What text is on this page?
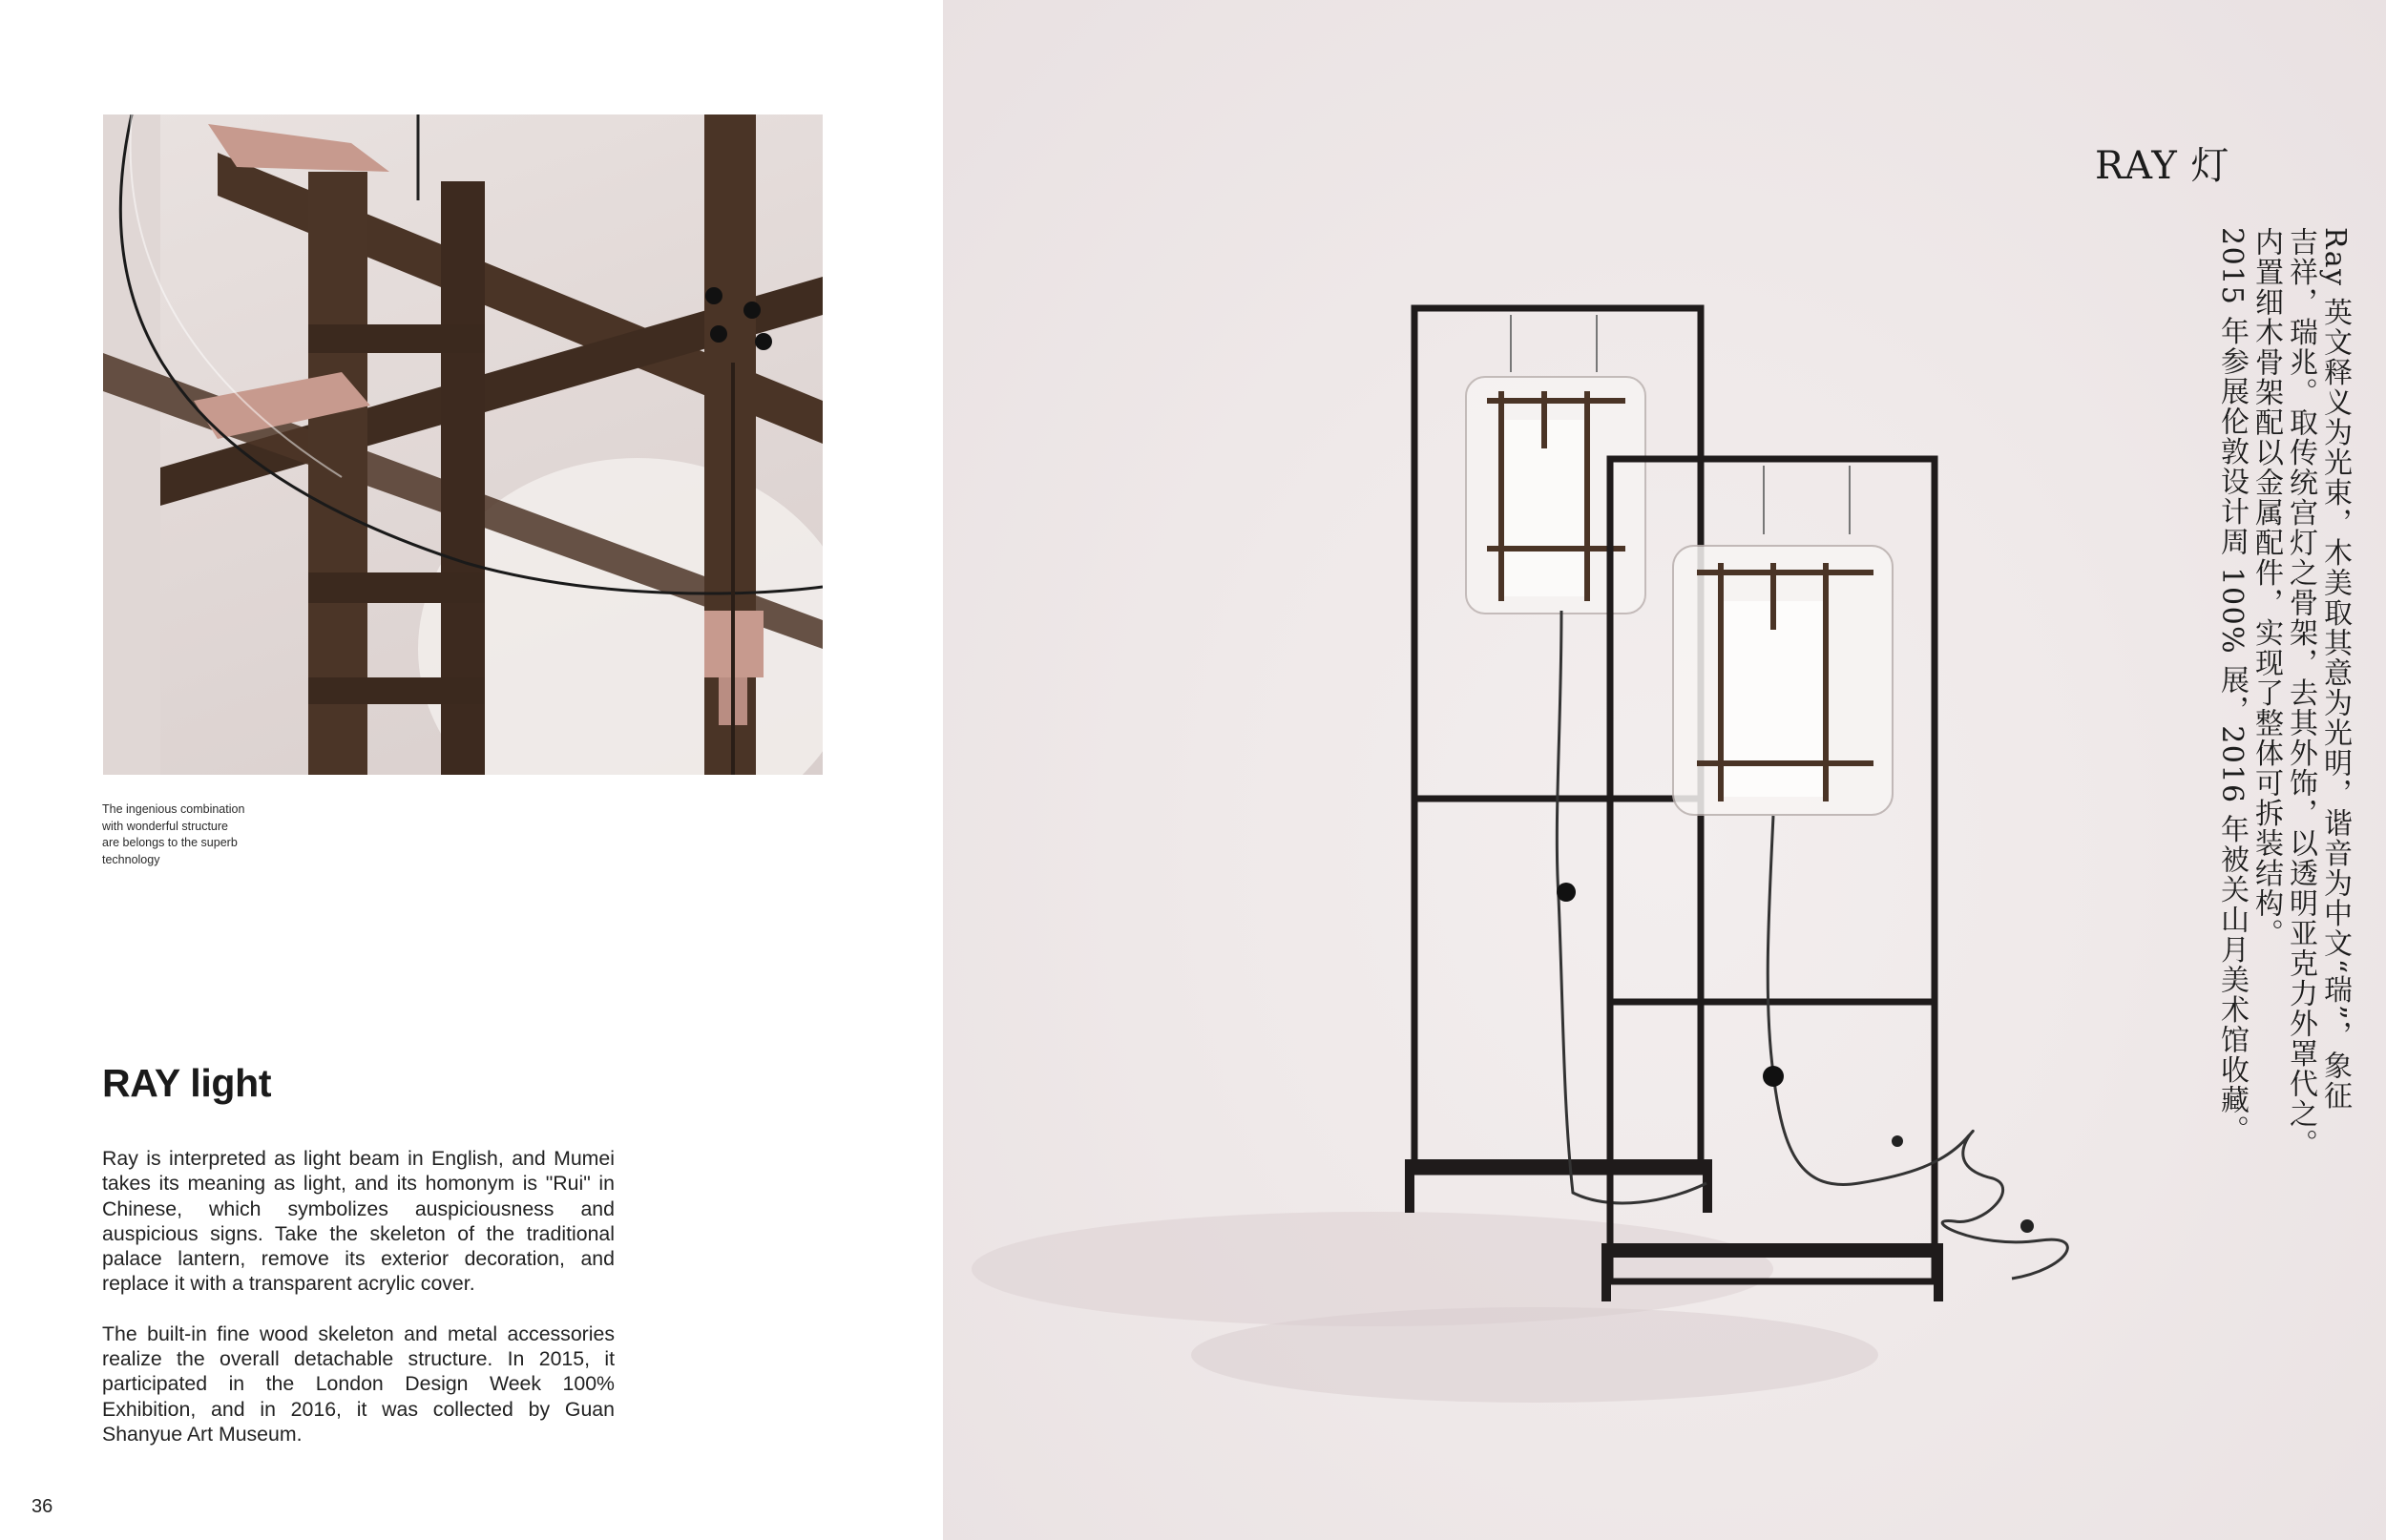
The ingenious combination
with wonderful structure
are belongs to the superb
technology
RAY light

Ray is interpreted as light beam in English, and Mumei takes its meaning as light, and its homonym is "Rui" in Chinese, which symbolizes auspiciousness and auspicious signs. Take the skeleton of the traditional palace lantern, remove its exterior decoration, and replace it with a transparent acrylic cover.

The built-in fine wood skeleton and metal accessories realize the overall detachable structure. In 2015, it participated in the London Design Week 100% Exhibition, and in 2016, it was collected by Guan Shanyue Art Museum.

36
RAY 灯
Ray 英文释义为光束，木美取其意为光明，谐音为中文“瑞”，象征
吉祥，瑞兆。取传统宫灯之骨架，去其外饰，以透明亚克力外罩代之。
内置细木骨架配以金属配件，实现了整体可拆装结构。
2015 年参展伦敦设计周 100% 展，2016 年被关山月美术馆收藏。
